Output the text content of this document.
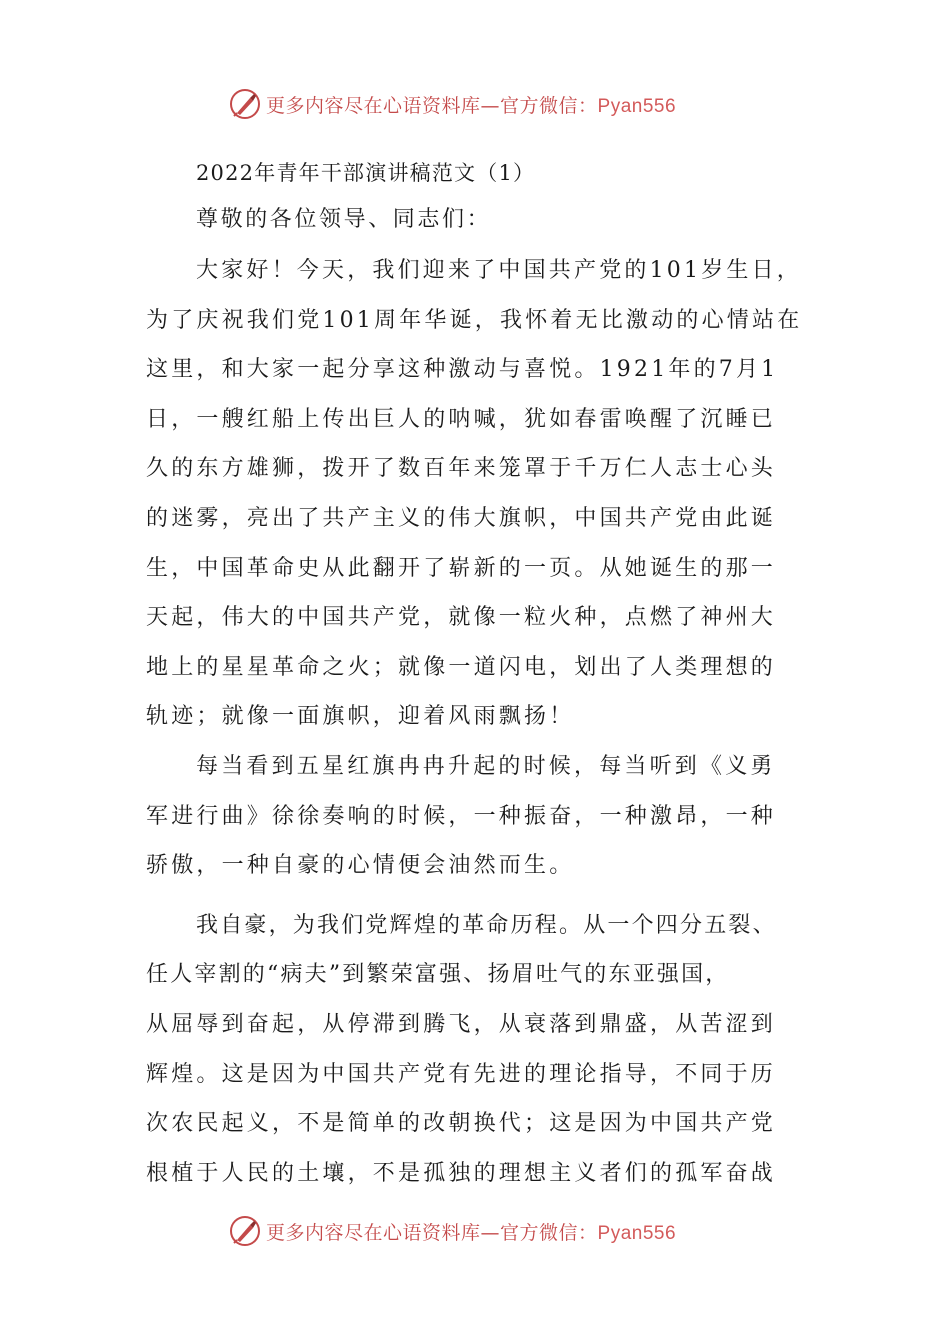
更多内容尽在心语资料库—官方微信：Pyan556
2022年青年干部演讲稿范文（1）
尊敬的各位领导、同志们：
大家好！今天，我们迎来了中国共产党的101岁生日，
为了庆祝我们党101周年华诞，我怀着无比激动的心情站在
这里，和大家一起分享这种激动与喜悦。1921年的7月1
日，一艘红船上传出巨人的呐喊，犹如春雷唤醒了沉睡已
久的东方雄狮，拨开了数百年来笼罩于千万仁人志士心头
的迷雾，亮出了共产主义的伟大旗帜，中国共产党由此诞
生，中国革命史从此翻开了崭新的一页。从她诞生的那一
天起，伟大的中国共产党，就像一粒火种，点燃了神州大
地上的星星革命之火；就像一道闪电，划出了人类理想的
轨迹；就像一面旗帜，迎着风雨飘扬！
每当看到五星红旗冉冉升起的时候，每当听到《义勇
军进行曲》徐徐奏响的时候，一种振奋，一种激昂，一种
骄傲，一种自豪的心情便会油然而生。
我自豪，为我们党辉煌的革命历程。从一个四分五裂、
任人宰割的“病夫”到繁荣富强、扬眉吐气的东亚强国，
从屈辱到奋起，从停滞到腾飞，从衰落到鼎盛，从苦涩到
辉煌。这是因为中国共产党有先进的理论指导，不同于历
次农民起义，不是简单的改朝换代；这是因为中国共产党
根植于人民的土壤，不是孤独的理想主义者们的孤军奋战
更多内容尽在心语资料库—官方微信：Pyan556
